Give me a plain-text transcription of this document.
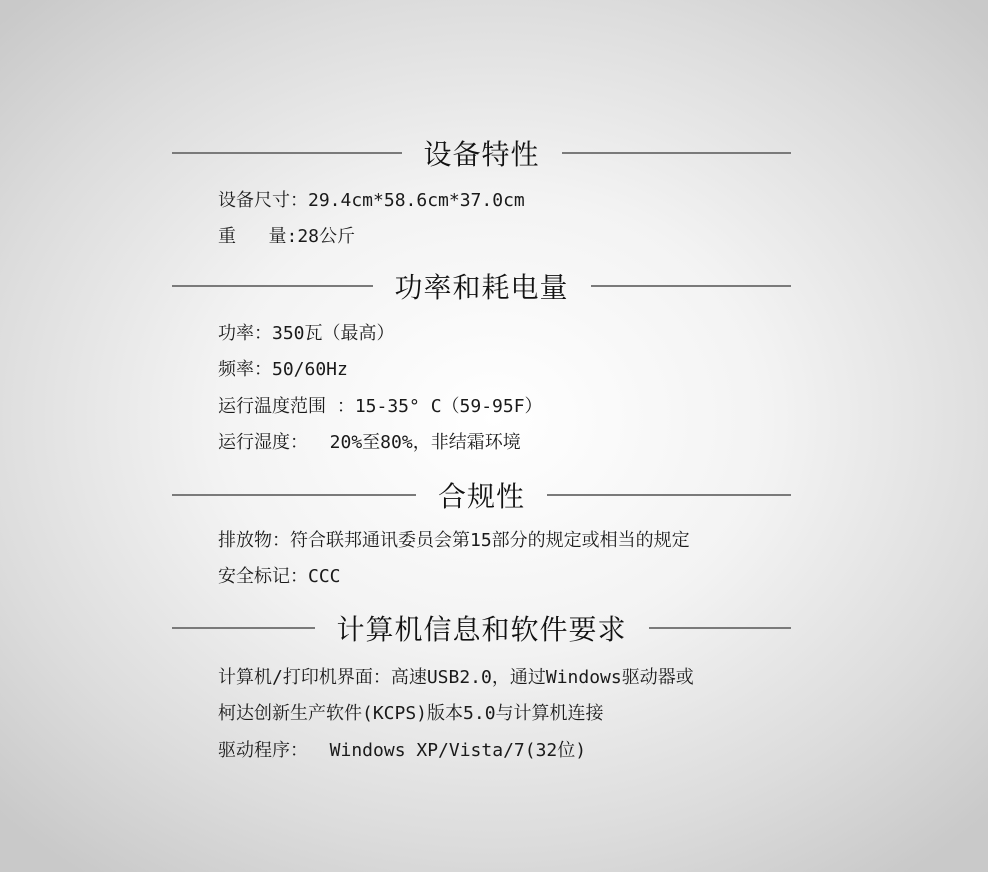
设备特性
设备尺寸：29.4cm*58.6cm*37.0cm
重   量:28公斤
功率和耗电量
功率：350瓦（最高）
频率：50/60Hz
运行温度范围 ：15-35° C（59-95F）
运行湿度：  20%至80%，非结霜环境
合规性
排放物：符合联邦通讯委员会第15部分的规定或相当的规定
安全标记：CCC
计算机信息和软件要求
计算机/打印机界面：高速USB2.0，通过Windows驱动器或
柯达创新生产软件(KCPS)版本5.0与计算机连接
驱动程序：  Windows XP/Vista/7(32位)
